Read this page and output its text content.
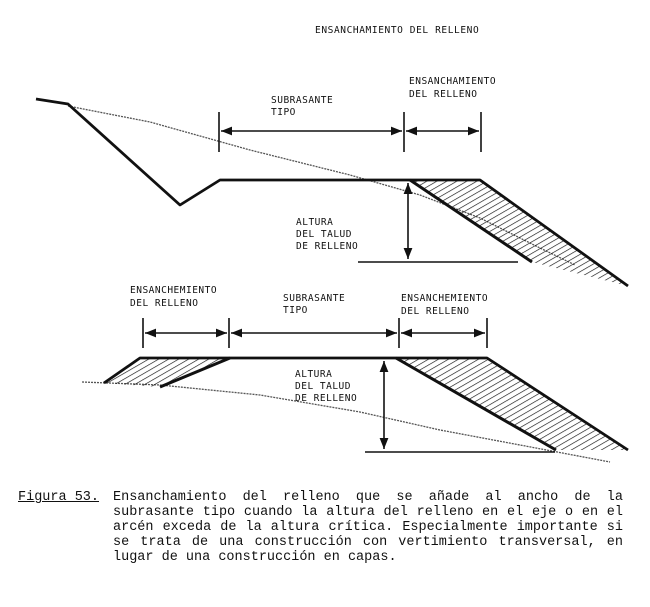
ENSANCHAMIENTO DEL RELLENO
SUBRASANTE TIPO
ENSANCHAMIENTO DEL RELLENO
ALTURA DEL TALUD DE RELLENO
ENSANCHEMIENTO DEL RELLENO	SUBRASANTE TIPO
ENSANCHEMIENTO DEL RELLENO
ALTURA DEL TALUD DE RELLENO
Figura 53. Ensanchamiento del relleno que se añade al ancho de la subrasante tipo cuando la altura del relleno en el eje o en el arcén exceda de la altura crítica. Especialmente importante si se trata de una construcción con vertimiento transversal, en lugar de una construcción en capas.
